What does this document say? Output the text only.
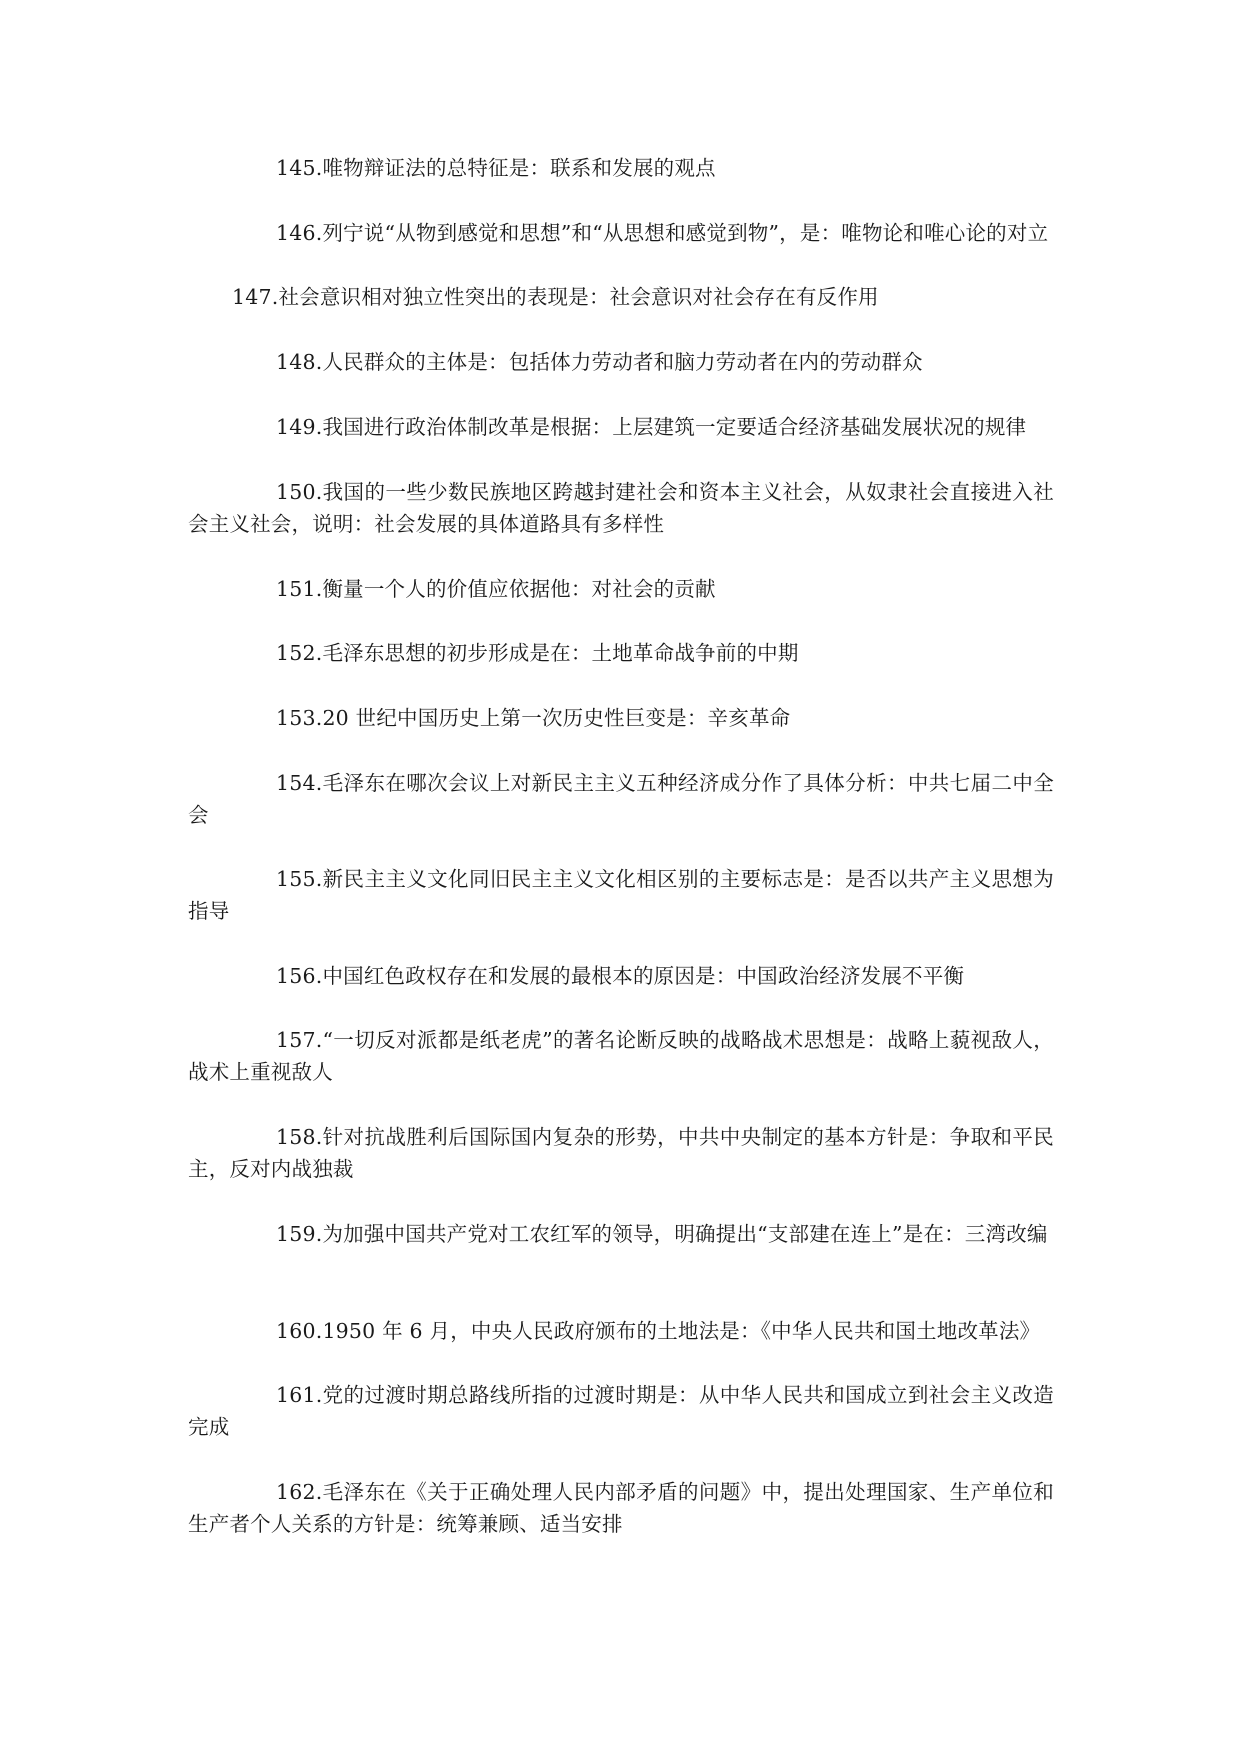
145.唯物辩证法的总特征是：联系和发展的观点

146.列宁说“从物到感觉和思想”和“从思想和感觉到物”，是：唯物论和唯心论的对立

147.社会意识相对独立性突出的表现是：社会意识对社会存在有反作用

148.人民群众的主体是：包括体力劳动者和脑力劳动者在内的劳动群众

149.我国进行政治体制改革是根据：上层建筑一定要适合经济基础发展状况的规律

150.我国的一些少数民族地区跨越封建社会和资本主义社会，从奴隶社会直接进入社会主义社会，说明：社会发展的具体道路具有多样性

151.衡量一个人的价值应依据他：对社会的贡献

152.毛泽东思想的初步形成是在：土地革命战争前的中期

153.20 世纪中国历史上第一次历史性巨变是：辛亥革命

154.毛泽东在哪次会议上对新民主主义五种经济成分作了具体分析：中共七届二中全会

155.新民主主义文化同旧民主主义文化相区别的主要标志是：是否以共产主义思想为指导

156.中国红色政权存在和发展的最根本的原因是：中国政治经济发展不平衡

157.“一切反对派都是纸老虎”的著名论断反映的战略战术思想是：战略上藐视敌人，战术上重视敌人

158.针对抗战胜利后国际国内复杂的形势，中共中央制定的基本方针是：争取和平民主，反对内战独裁

159.为加强中国共产党对工农红军的领导，明确提出“支部建在连上”是在：三湾改编

160.1950 年 6 月，中央人民政府颁布的土地法是：《中华人民共和国土地改革法》

161.党的过渡时期总路线所指的过渡时期是：从中华人民共和国成立到社会主义改造完成

162.毛泽东在《关于正确处理人民内部矛盾的问题》中，提出处理国家、生产单位和生产者个人关系的方针是：统筹兼顾、适当安排
